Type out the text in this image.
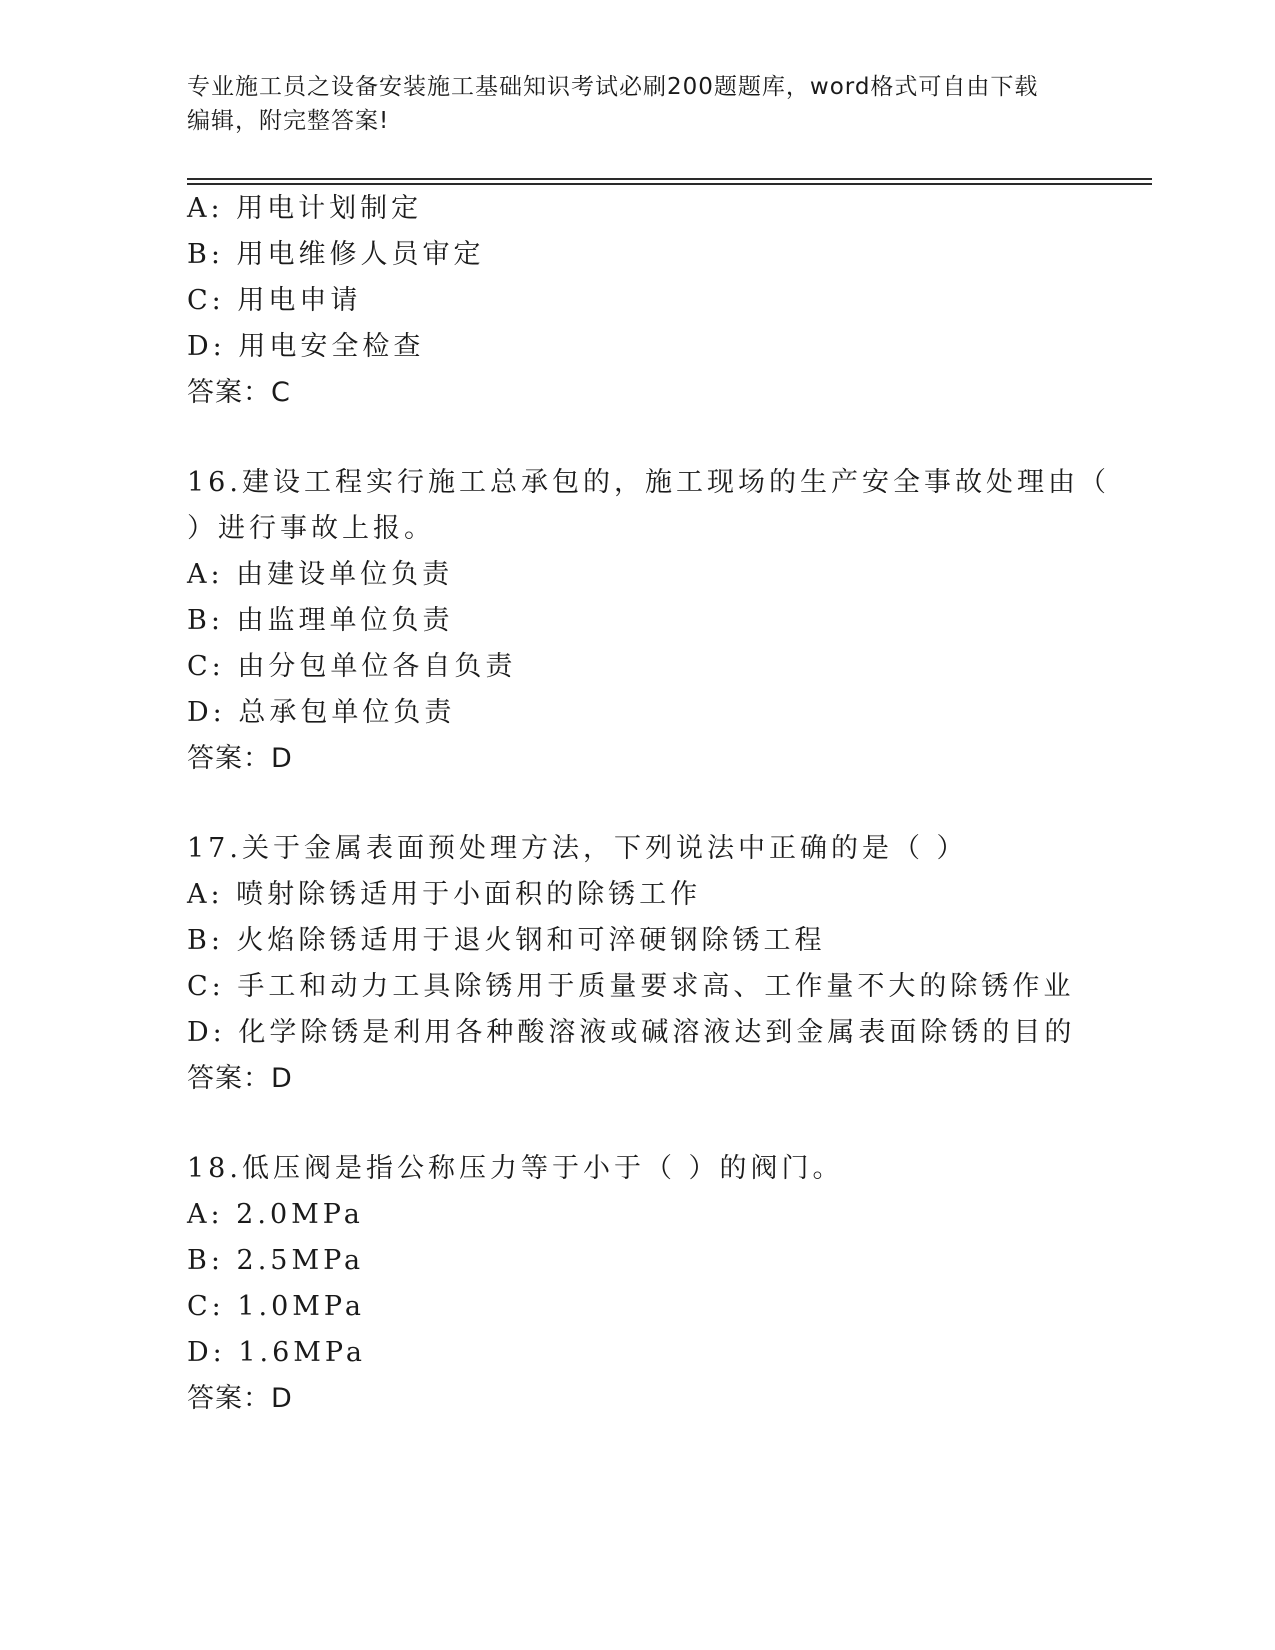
专业施工员之设备安装施工基础知识考试必刷200题题库，word格式可自由下载
编辑，附完整答案!
A: 用电计划制定
B: 用电维修人员审定
C: 用电申请
D: 用电安全检查
答案：C
16.建设工程实行施工总承包的，施工现场的生产安全事故处理由（
）进行事故上报。
A: 由建设单位负责
B: 由监理单位负责
C: 由分包单位各自负责
D: 总承包单位负责
答案：D
17.关于金属表面预处理方法，下列说法中正确的是（ ）
A: 喷射除锈适用于小面积的除锈工作
B: 火焰除锈适用于退火钢和可淬硬钢除锈工程
C: 手工和动力工具除锈用于质量要求高、工作量不大的除锈作业
D: 化学除锈是利用各种酸溶液或碱溶液达到金属表面除锈的目的
答案：D
18.低压阀是指公称压力等于小于（ ）的阀门。
A: 2.0MPa
B: 2.5MPa
C: 1.0MPa
D: 1.6MPa
答案：D
